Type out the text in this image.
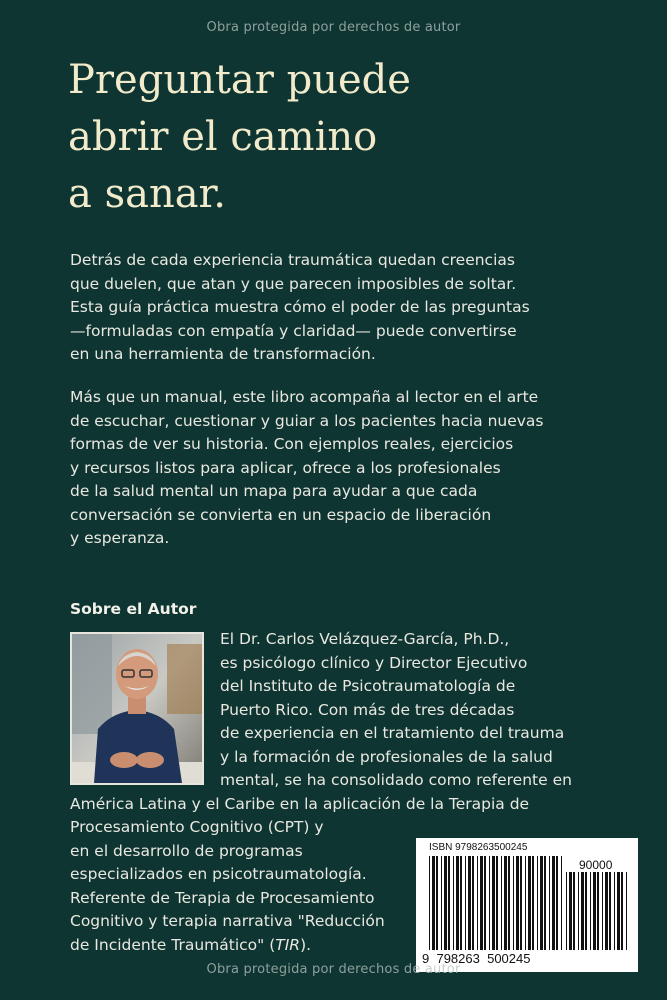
Obra protegida por derechos de autor
Preguntar puede
abrir el camino
a sanar.

Detrás de cada experiencia traumática quedan creencias
que duelen, que atan y que parecen imposibles de soltar.
Esta guía práctica muestra cómo el poder de las preguntas
—formuladas con empatía y claridad— puede convertirse
en una herramienta de transformación.

Más que un manual, este libro acompaña al lector en el arte
de escuchar, cuestionar y guiar a los pacientes hacia nuevas
formas de ver su historia. Con ejemplos reales, ejercicios
y recursos listos para aplicar, ofrece a los profesionales
de la salud mental un mapa para ayudar a que cada
conversación se convierta en un espacio de liberación
y esperanza.

Sobre el Autor

El Dr. Carlos Velázquez-García, Ph.D.,
es psicólogo clínico y Director Ejecutivo
del Instituto de Psicotraumatología de
Puerto Rico. Con más de tres décadas
de experiencia en el tratamiento del trauma
y la formación de profesionales de la salud
mental, se ha consolidado como referente en
América Latina y el Caribe en la aplicación de la Terapia de
Procesamiento Cognitivo (CPT) y
en el desarrollo de programas
especializados en psicotraumatología.
Referente de Terapia de Procesamiento
Cognitivo y terapia narrativa "Reducción
de Incidente Traumático" (TIR).

ISBN 9798263500245
90000
9 798263 500245
Obra protegida por derechos de autor
